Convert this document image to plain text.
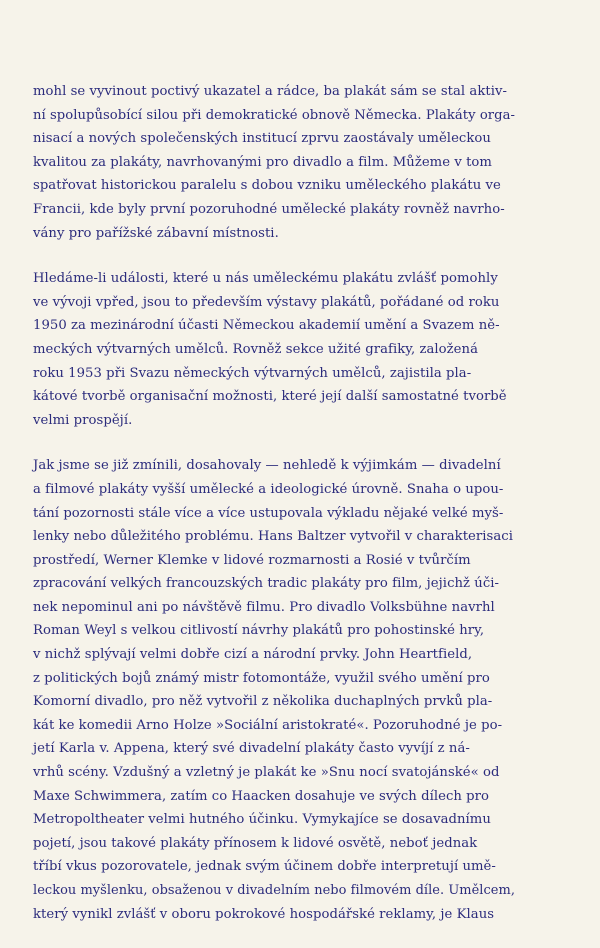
mohl se vyvinout poctivý ukazatel a rádce, ba plakát sám se stal aktiv-
ní spolupůsobící silou při demokratické obnově Německa. Plakáty orga-
nisací a nových společenských institucí zprvu zaostávaly uměleckou
kvalitou za plakáty, navrhovanými pro divadlo a film. Můžeme v tom
spatřovat historickou paralelu s dobou vzniku uměleckého plakátu ve
Francii, kde byly první pozoruhodné umělecké plakáty rovněž navrho-
vány pro pařížské zábavní místnosti.
Hledáme-li události, které u nás uměleckému plakátu zvlášť pomohly
ve vývoji vpřed, jsou to především výstavy plakátů, pořádané od roku
1950 za mezinárodní účasti Německou akademií umění a Svazem ně-
meckých výtvarných umělců. Rovněž sekce užité grafiky, založená
roku 1953 při Svazu německých výtvarných umělců, zajistila pla-
kátové tvorbě organisační možnosti, které její další samostatné tvorbě
velmi prospějí.
Jak jsme se již zmínili, dosahovaly — nehledě k výjimkám — divadelní
a filmové plakáty vyšší umělecké a ideologické úrovně. Snaha o upou-
tání pozornosti stále více a více ustupovala výkladu nějaké velké myš-
lenky nebo důležitého problému. Hans Baltzer vytvořil v charakterisaci
prostředí, Werner Klemke v lidové rozmarnosti a Rosié v tvůrčím
zpracování velkých francouzských tradic plakáty pro film, jejichž úči-
nek nepominul ani po návštěvě filmu. Pro divadlo Volksbühne navrhl
Roman Weyl s velkou citlivostí návrhy plakátů pro pohostinské hry,
v nichž splývají velmi dobře cizí a národní prvky. John Heartfield,
z politických bojů známý mistr fotomontáže, využil svého umění pro
Komorní divadlo, pro něž vytvořil z několika duchaplných prvků pla-
kát ke komedii Arno Holze »Sociální aristokraté«. Pozoruhodné je po-
jetí Karla v. Appena, který své divadelní plakáty často vyvíjí z ná-
vrhů scény. Vzdušný a vzletný je plakát ke »Snu nocí svatojánské« od
Maxe Schwimmera, zatím co Haacken dosahuje ve svých dílech pro
Metropoltheater velmi hutného účinku. Vymykajíce se dosavadnímu
pojetí, jsou takové plakáty přínosem k lidové osvětě, neboť jednak
tříbí vkus pozorovatele, jednak svým účinem dobře interpretují umě-
leckou myšlenku, obsaženou v divadelním nebo filmovém díle. Umělcem,
který vynikl zvlášť v oboru pokrokové hospodářské reklamy, je Klaus
